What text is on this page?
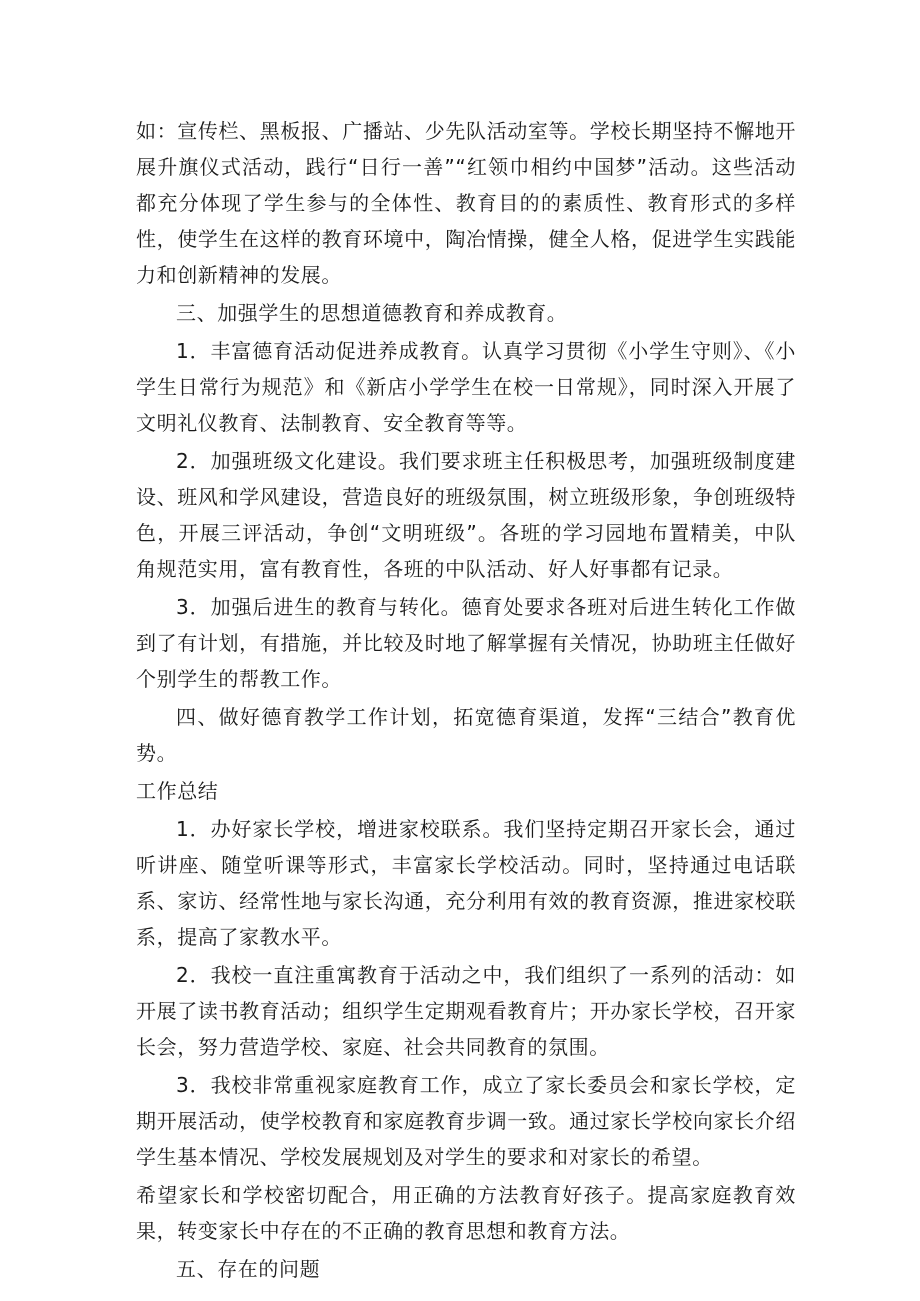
如：宣传栏、黑板报、广播站、少先队活动室等。学校长期坚持不懈地开展升旗仪式活动，践行“日行一善”“红领巾相约中国梦”活动。这些活动都充分体现了学生参与的全体性、教育目的的素质性、教育形式的多样性，使学生在这样的教育环境中，陶冶情操，健全人格，促进学生实践能力和创新精神的发展。

三、加强学生的思想道德教育和养成教育。

1．丰富德育活动促进养成教育。认真学习贯彻《小学生守则》、《小学生日常行为规范》和《新店小学学生在校一日常规》，同时深入开展了文明礼仪教育、法制教育、安全教育等等。

2．加强班级文化建设。我们要求班主任积极思考，加强班级制度建设、班风和学风建设，营造良好的班级氛围，树立班级形象，争创班级特色，开展三评活动，争创“文明班级”。各班的学习园地布置精美，中队角规范实用，富有教育性，各班的中队活动、好人好事都有记录。

3．加强后进生的教育与转化。德育处要求各班对后进生转化工作做到了有计划，有措施，并比较及时地了解掌握有关情况，协助班主任做好个别学生的帮教工作。

四、做好德育教学工作计划，拓宽德育渠道，发挥“三结合”教育优势。

工作总结

1．办好家长学校，增进家校联系。我们坚持定期召开家长会，通过听讲座、随堂听课等形式，丰富家长学校活动。同时，坚持通过电话联系、家访、经常性地与家长沟通，充分利用有效的教育资源，推进家校联系，提高了家教水平。

2．我校一直注重寓教育于活动之中，我们组织了一系列的活动：如开展了读书教育活动；组织学生定期观看教育片；开办家长学校，召开家长会，努力营造学校、家庭、社会共同教育的氛围。

3．我校非常重视家庭教育工作，成立了家长委员会和家长学校，定期开展活动，使学校教育和家庭教育步调一致。通过家长学校向家长介绍学生基本情况、学校发展规划及对学生的要求和对家长的希望。

希望家长和学校密切配合，用正确的方法教育好孩子。提高家庭教育效果，转变家长中存在的不正确的教育思想和教育方法。

五、存在的问题
